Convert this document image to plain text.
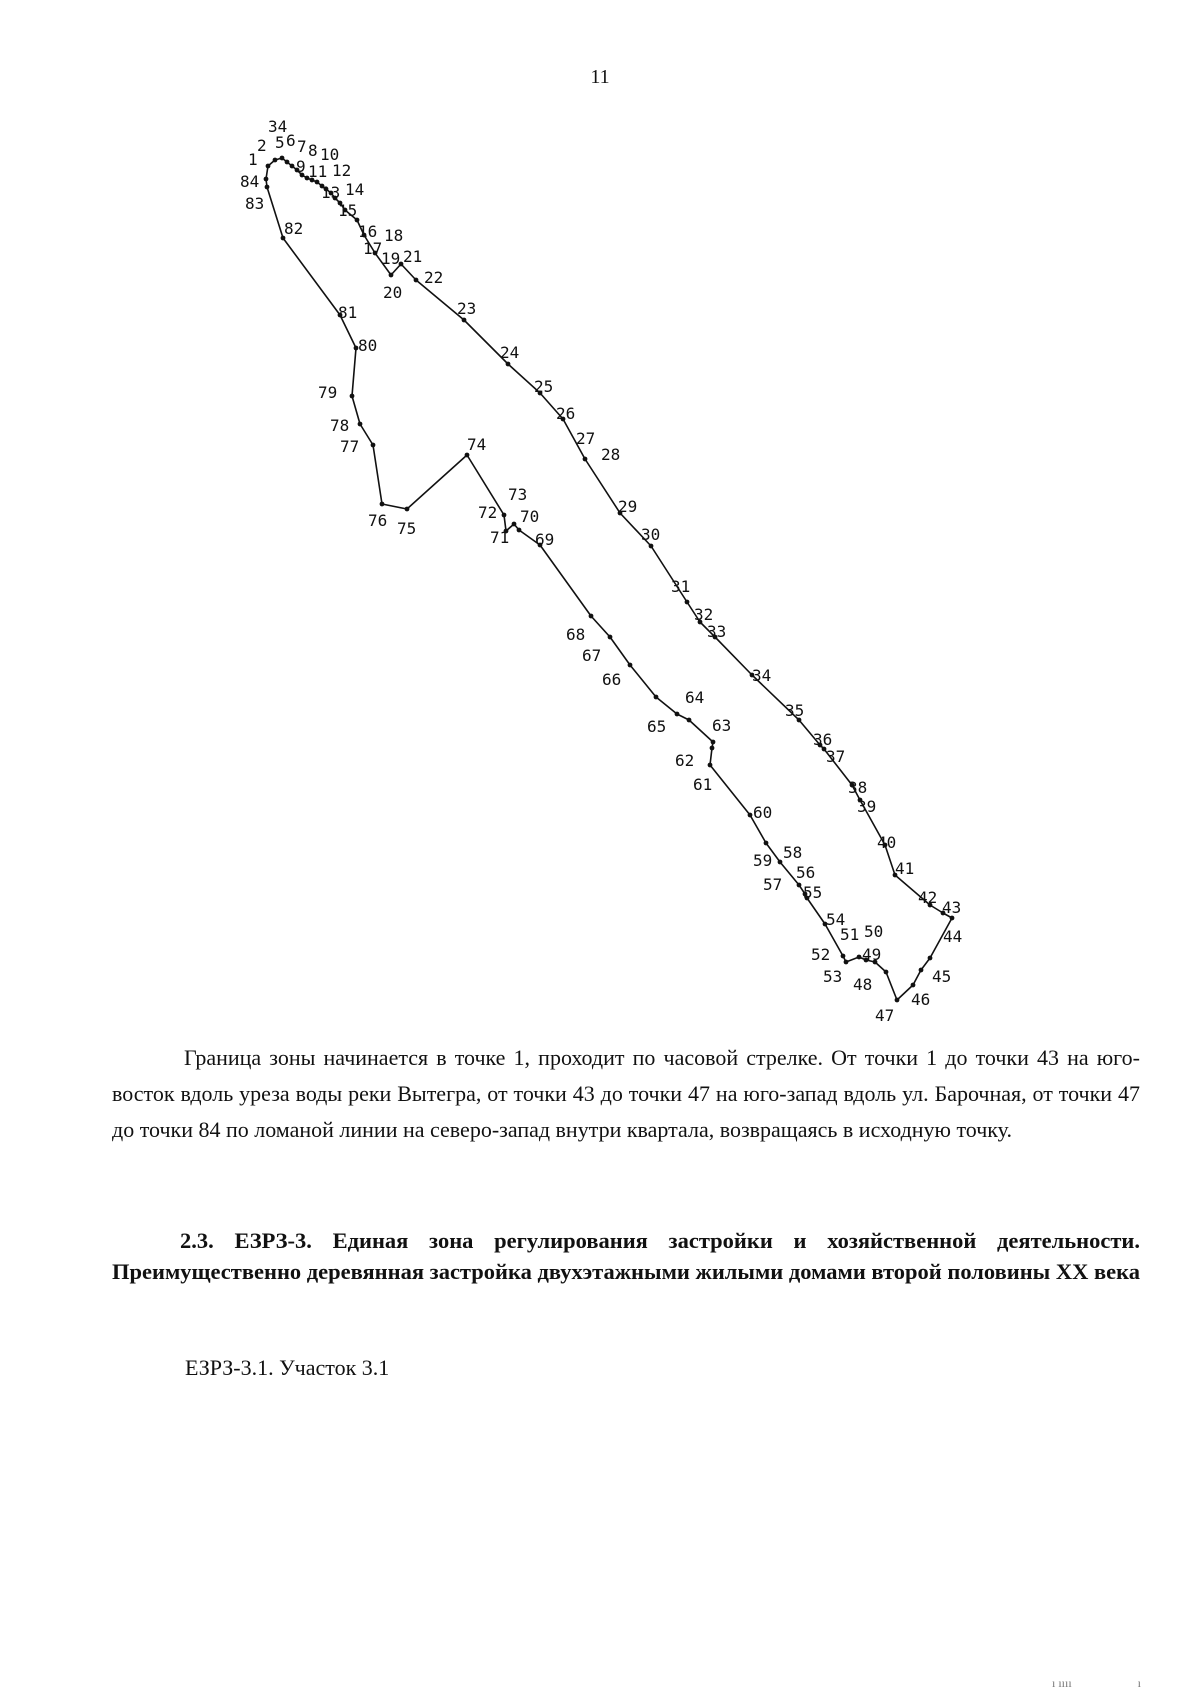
11
1
2
34
5 6 7 8 10
9 11 12
13 14
15
16 18
17
19 21
22
20
23
24
25
26
27
28
29
30
31
32
33
34
35
36
37
38
39
40
41
42
43
44
45
46
47
48
49
50
51
52
53
54
55
56
57
58
59
60
61
62
63
64
65
66
67
68
69
70
71
72
73
74
75
76
77
78
79
80
81
82
83
84

Граница зоны начинается в точке 1, проходит по часовой стрелке. От точки 1 до точки 43 на юго-восток вдоль уреза воды реки Вытегра, от точки 43 до точки 47 на юго-запад вдоль ул. Барочная, от точки 47 до точки 84 по ломаной линии на северо-запад внутри квартала, возвращаясь в исходную точку.

2.3. ЕЗРЗ-3. Единая зона регулирования застройки и хозяйственной деятельности. Преимущественно деревянная застройка двухэтажными жилыми домами второй половины XX века

ЕЗРЗ-3.1. Участок 3.1

ı ıııı                      ı
